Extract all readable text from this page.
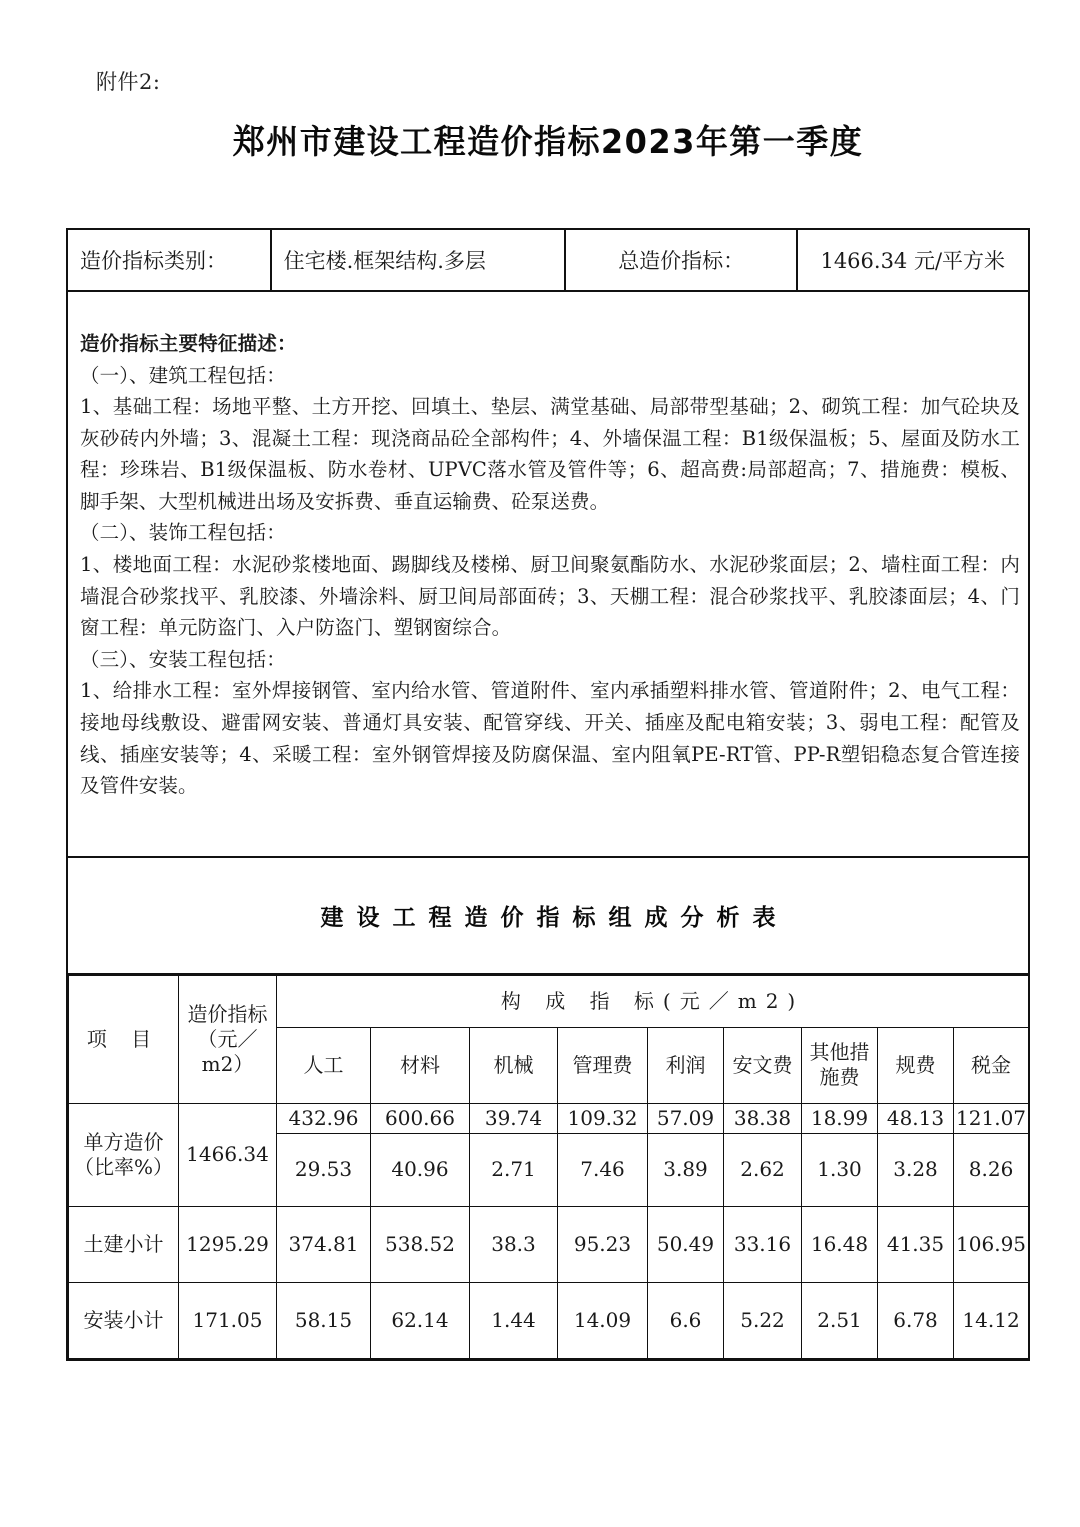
附件2:
郑州市建设工程造价指标2023年第一季度
造价指标类别：	住宅楼.框架结构.多层	总造价指标：	1466.34 元/平方米
造价指标主要特征描述：
（一）、建筑工程包括：
1、基础工程：场地平整、土方开挖、回填土、垫层、满堂基础、局部带型基础；2、砌筑工程：加气砼块及灰砂砖内外墙；3、混凝土工程：现浇商品砼全部构件；4、外墙保温工程：B1级保温板；5、屋面及防水工程：珍珠岩、B1级保温板、防水卷材、UPVC落水管及管件等；6、超高费:局部超高；7、措施费：模板、脚手架、大型机械进出场及安拆费、垂直运输费、砼泵送费。
（二）、装饰工程包括：
1、楼地面工程：水泥砂浆楼地面、踢脚线及楼梯、厨卫间聚氨酯防水、水泥砂浆面层；2、墙柱面工程：内墙混合砂浆找平、乳胶漆、外墙涂料、厨卫间局部面砖；3、天棚工程：混合砂浆找平、乳胶漆面层；4、门窗工程：单元防盗门、入户防盗门、塑钢窗综合。
（三）、安装工程包括：
1、给排水工程：室外焊接钢管、室内给水管、管道附件、室内承插塑料排水管、管道附件；2、电气工程：接地母线敷设、避雷网安装、普通灯具安装、配管穿线、开关、插座及配电箱安装；3、弱电工程：配管及线、插座安装等；4、采暖工程：室外钢管焊接及防腐保温、室内阻氧PE-RT管、PP-R塑铝稳态复合管连接及管件安装。
建设工程造价指标组成分析表
项 目	造价指标
（元／m2）	构 成 指 标(元／m2)								
		人工	材料	机械	管理费	利润	安文费	其他措施费	规费	税金

单方造价
（比率%）	1466.34	432.96	600.66	39.74	109.32	57.09	38.38	18.99	48.13	121.07
		29.53	40.96	2.71	7.46	3.89	2.62	1.30	3.28	8.26
土建小计	1295.29	374.81	538.52	38.3	95.23	50.49	33.16	16.48	41.35	106.95
安装小计	171.05	58.15	62.14	1.44	14.09	6.6	5.22	2.51	6.78	14.12
